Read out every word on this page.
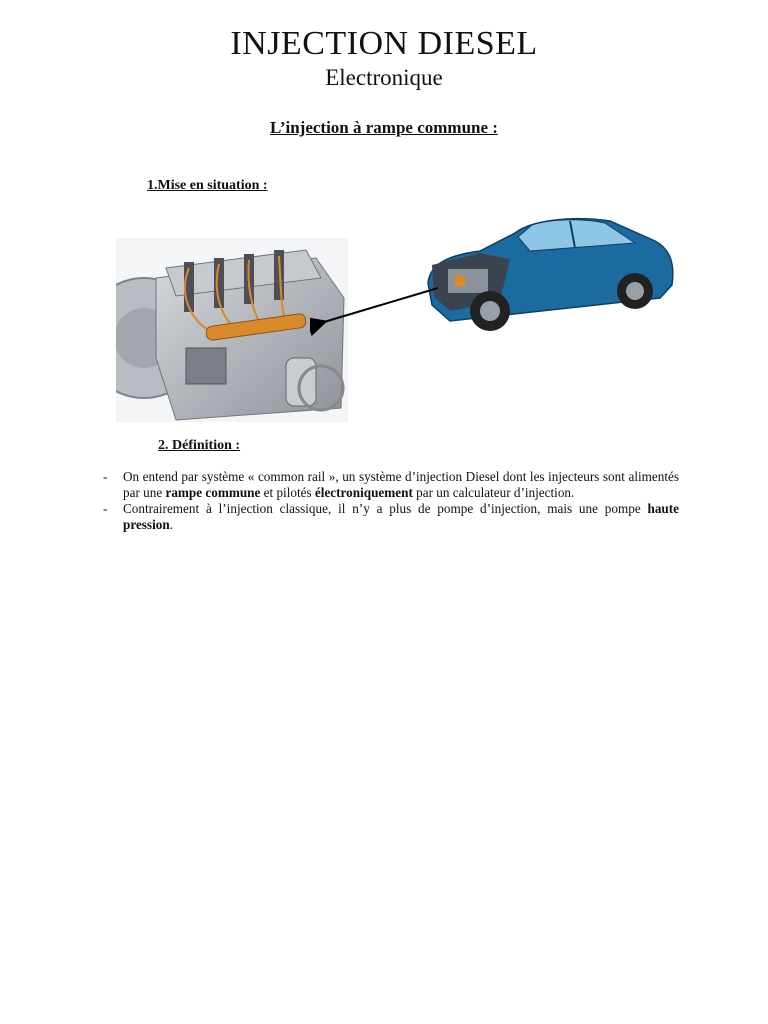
INJECTION DIESEL
Electronique
L’injection à rampe commune :
1.Mise en situation :
2. Définition :
-	On entend par système « common rail », un système d’injection Diesel dont les injecteurs sont alimentés par une rampe commune et pilotés électroniquement par un calculateur d’injection.
-	Contrairement à l’injection classique, il n’y a plus de pompe d’injection, mais une pompe haute pression.
